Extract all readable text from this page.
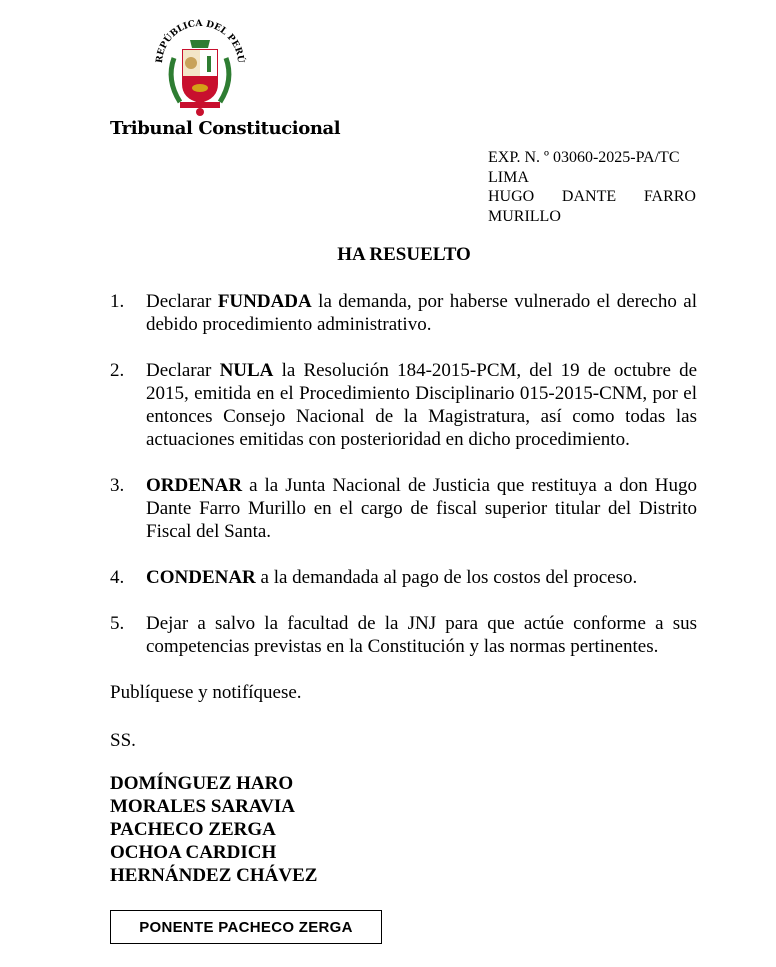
REPÚBLICA DEL PERÚ
Tribunal Constitucional
EXP. N. º 03060-2025-PA/TC
LIMA
HUGO DANTE FARRO
MURILLO
HA RESUELTO
1. Declarar FUNDADA la demanda, por haberse vulnerado el derecho al debido procedimiento administrativo.
2. Declarar NULA la Resolución 184-2015-PCM, del 19 de octubre de 2015, emitida en el Procedimiento Disciplinario 015-2015-CNM, por el entonces Consejo Nacional de la Magistratura, así como todas las actuaciones emitidas con posterioridad en dicho procedimiento.
3. ORDENAR a la Junta Nacional de Justicia que restituya a don Hugo Dante Farro Murillo en el cargo de fiscal superior titular del Distrito Fiscal del Santa.
4. CONDENAR a la demandada al pago de los costos del proceso.
5. Dejar a salvo la facultad de la JNJ para que actúe conforme a sus competencias previstas en la Constitución y las normas pertinentes.
Publíquese y notifíquese.
SS.
DOMÍNGUEZ HARO
MORALES SARAVIA
PACHECO ZERGA
OCHOA CARDICH
HERNÁNDEZ CHÁVEZ
PONENTE PACHECO ZERGA
